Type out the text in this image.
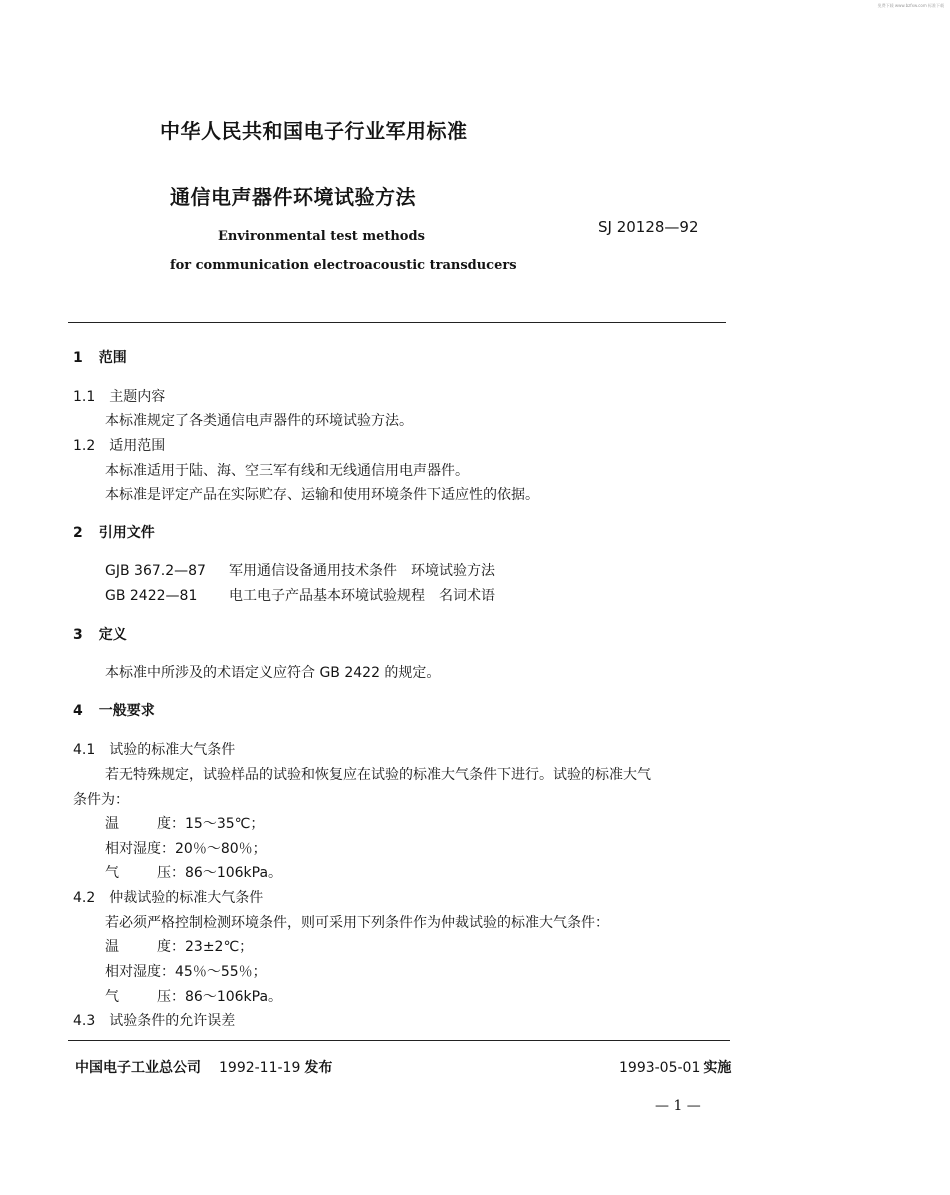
免费下载 www.bzfxw.com 标准下载
中华人民共和国电子行业军用标准
通信电声器件环境试验方法
SJ 20128—92
Environmental test methods
for communication electroacoustic transducers
1 范围
1.1 主题内容
本标准规定了各类通信电声器件的环境试验方法。
1.2 适用范围
本标准适用于陆、海、空三军有线和无线通信用电声器件。
本标准是评定产品在实际贮存、运输和使用环境条件下适应性的依据。
2 引用文件
GJB 367.2—87 军用通信设备通用技术条件　环境试验方法
GB 2422—81 电工电子产品基本环境试验规程　名词术语
3 定义
本标准中所涉及的术语定义应符合 GB 2422 的规定。
4 一般要求
4.1 试验的标准大气条件
若无特殊规定，试验样品的试验和恢复应在试验的标准大气条件下进行。试验的标准大气
条件为：
温	度：15～35℃；
相对湿度：20％～80％；
气	压：86～106kPa。
4.2 仲裁试验的标准大气条件
若必须严格控制检测环境条件，则可采用下列条件作为仲裁试验的标准大气条件：
温	度：23±2℃；
相对湿度：45％～55％；
气	压：86～106kPa。
4.3 试验条件的允许误差
中国电子工业总公司 1992-11-19 发布	1993-05-01 实施
— 1 —
